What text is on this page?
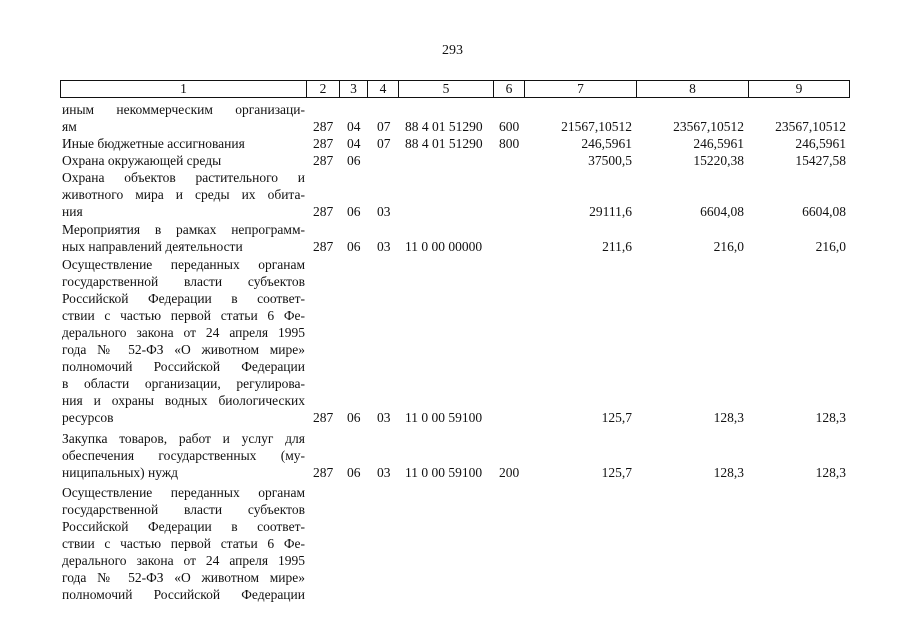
293
1	2	3	4	5	6	7	8	9
иным некоммерческим организаци-
ям	287 04 07 88 4 01 51290 600	21567,10512	23567,10512 23567,10512
Иные бюджетные ассигнования	287 04 07 88 4 01 51290 800	246,5961	246,5961	246,5961
Охрана окружающей среды	287 06	37500,5	15220,38	15427,58
Охрана объектов растительного и
животного мира и среды их обита-
ния	287 06 03	29111,6	6604,08	6604,08
Мероприятия в рамках непрограмм-
ных направлений деятельности	287 06 03 11 0 00 00000	211,6	216,0	216,0
Осуществление переданных органам
государственной власти субъектов
Российской Федерации в соответ-
ствии с частью первой статьи 6 Фе-
дерального закона от 24 апреля 1995
года № 52-ФЗ «О животном мире»
полномочий Российской Федерации
в области организации, регулирова-
ния и охраны водных биологических
ресурсов	287 06 03 11 0 00 59100	125,7	128,3	128,3
Закупка товаров, работ и услуг для
обеспечения государственных (му-
ниципальных) нужд	287 06 03 11 0 00 59100 200	125,7	128,3	128,3
Осуществление переданных органам
государственной власти субъектов
Российской Федерации в соответ-
ствии с частью первой статьи 6 Фе-
дерального закона от 24 апреля 1995
года № 52-ФЗ «О животном мире»
полномочий Российской Федерации
